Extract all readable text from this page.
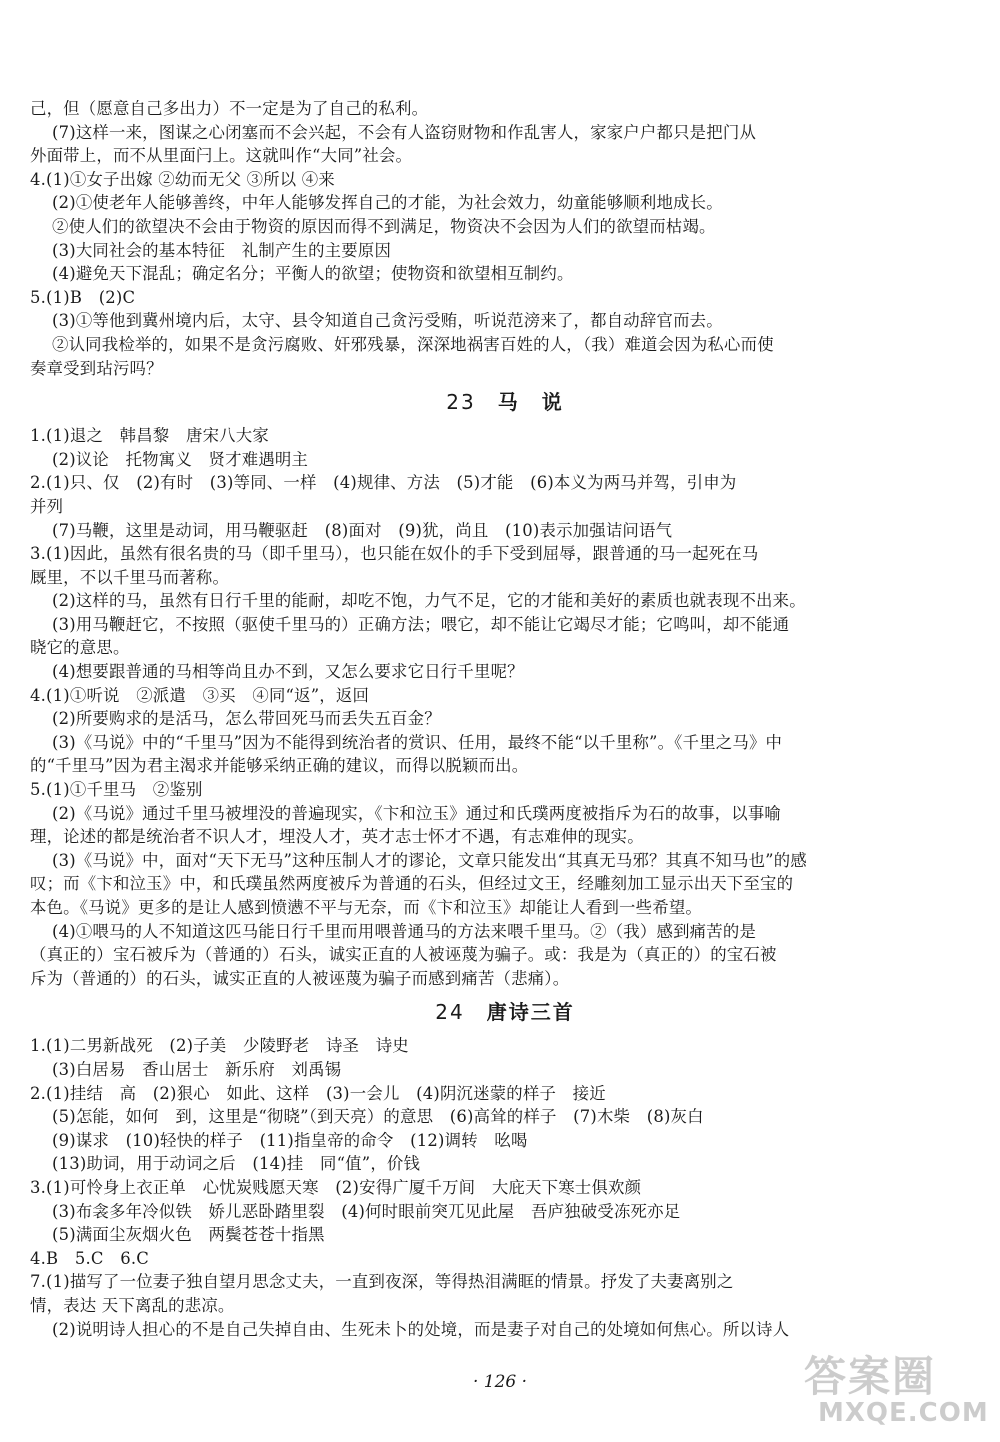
己，但（愿意自己多出力）不一定是为了自己的私利。
(7)这样一来，图谋之心闭塞而不会兴起，不会有人盗窃财物和作乱害人，家家户户都只是把门从
外面带上，而不从里面闩上。这就叫作“大同”社会。
4.(1)①女子出嫁 ②幼而无父 ③所以 ④来
(2)①使老年人能够善终，中年人能够发挥自己的才能，为社会效力，幼童能够顺利地成长。
②使人们的欲望决不会由于物资的原因而得不到满足，物资决不会因为人们的欲望而枯竭。
(3)大同社会的基本特征　礼制产生的主要原因
(4)避免天下混乱；确定名分；平衡人的欲望；使物资和欲望相互制约。
5.(1)B　(2)C
(3)①等他到冀州境内后，太守、县令知道自己贪污受贿，听说范滂来了，都自动辞官而去。
②认同我检举的，如果不是贪污腐败、奸邪残暴，深深地祸害百姓的人，（我）难道会因为私心而使
奏章受到玷污吗？
23 马　说
1.(1)退之　韩昌黎　唐宋八大家
(2)议论　托物寓义　贤才难遇明主
2.(1)只、仅　(2)有时　(3)等同、一样　(4)规律、方法　(5)才能　(6)本义为两马并驾，引申为
并列
(7)马鞭，这里是动词，用马鞭驱赶　(8)面对　(9)犹，尚且　(10)表示加强诘问语气
3.(1)因此，虽然有很名贵的马（即千里马），也只能在奴仆的手下受到屈辱，跟普通的马一起死在马
厩里，不以千里马而著称。
(2)这样的马，虽然有日行千里的能耐，却吃不饱，力气不足，它的才能和美好的素质也就表现不出来。
(3)用马鞭赶它，不按照（驱使千里马的）正确方法；喂它，却不能让它竭尽才能；它鸣叫，却不能通
晓它的意思。
(4)想要跟普通的马相等尚且办不到，又怎么要求它日行千里呢？
4.(1)①听说　②派遣　③买　④同“返”，返回
(2)所要购求的是活马，怎么带回死马而丢失五百金？
(3)《马说》中的“千里马”因为不能得到统治者的赏识、任用，最终不能“以千里称”。《千里之马》中
的“千里马”因为君主渴求并能够采纳正确的建议，而得以脱颖而出。
5.(1)①千里马　②鉴别
(2)《马说》通过千里马被埋没的普遍现实，《卞和泣玉》通过和氏璞两度被指斥为石的故事，以事喻
理，论述的都是统治者不识人才，埋没人才，英才志士怀才不遇，有志难伸的现实。
(3)《马说》中，面对“天下无马”这种压制人才的谬论，文章只能发出“其真无马邪？其真不知马也”的感
叹；而《卞和泣玉》中，和氏璞虽然两度被斥为普通的石头，但经过文王，经雕刻加工显示出天下至宝的
本色。《马说》更多的是让人感到愤懑不平与无奈，而《卞和泣玉》却能让人看到一些希望。
(4)①喂马的人不知道这匹马能日行千里而用喂普通马的方法来喂千里马。②（我）感到痛苦的是
（真正的）宝石被斥为（普通的）石头，诚实正直的人被诬蔑为骗子。或：我是为（真正的）的宝石被
斥为（普通的）的石头，诚实正直的人被诬蔑为骗子而感到痛苦（悲痛）。
24 唐诗三首
1.(1)二男新战死　(2)子美　少陵野老　诗圣　诗史
(3)白居易　香山居士　新乐府　刘禹锡
2.(1)挂结　高　(2)狠心　如此、这样　(3)一会儿　(4)阴沉迷蒙的样子　接近
(5)怎能，如何　到，这里是“彻晓”（到天亮）的意思　(6)高耸的样子　(7)木柴　(8)灰白
(9)谋求　(10)轻快的样子　(11)指皇帝的命令　(12)调转　吆喝
(13)助词，用于动词之后　(14)挂　同“值”，价钱
3.(1)可怜身上衣正单　心忧炭贱愿天寒　(2)安得广厦千万间　大庇天下寒士俱欢颜
(3)布衾多年冷似铁　娇儿恶卧踏里裂　(4)何时眼前突兀见此屋　吾庐独破受冻死亦足
(5)满面尘灰烟火色　两鬓苍苍十指黑
4.B　5.C　6.C
7.(1)描写了一位妻子独自望月思念丈夫，一直到夜深，等得热泪满眶的情景。抒发了夫妻离别之
情，表达 天下离乱的悲凉。
(2)说明诗人担心的不是自己失掉自由、生死未卜的处境，而是妻子对自己的处境如何焦心。所以诗人
· 126 ·	答案圈
MXQE.COM
